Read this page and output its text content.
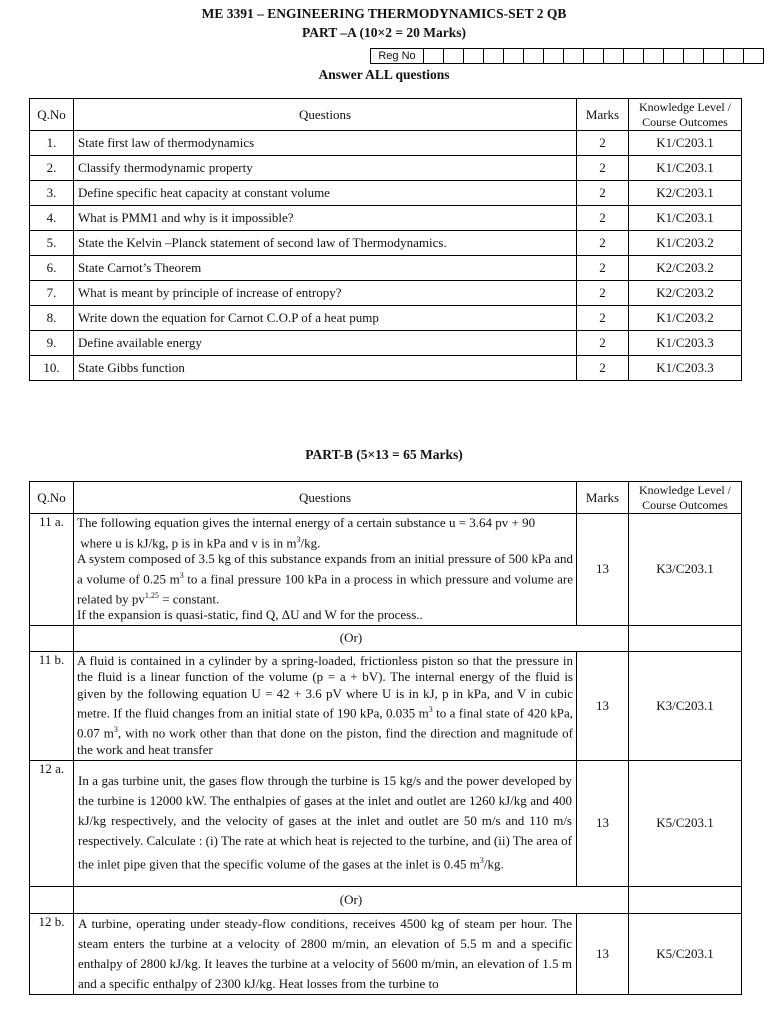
ME 3391 – ENGINEERING THERMODYNAMICS-SET 2 QB
PART –A (10×2 = 20 Marks)
Reg No																	
Answer ALL questions
Q.No	Questions	Marks	Knowledge Level /
Course Outcomes
1.	State first law of thermodynamics	2	K1/C203.1
2.	Classify thermodynamic property	2	K1/C203.1
3.	Define specific heat capacity at constant volume	2	K2/C203.1
4.	What is PMM1 and why is it impossible?	2	K1/C203.1
5.	State the Kelvin –Planck statement of second law of Thermodynamics.	2	K1/C203.2
6.	State Carnot’s Theorem	2	K2/C203.2
7.	What is meant by principle of increase of entropy?	2	K2/C203.2
8.	Write down the equation for Carnot C.O.P of a heat pump	2	K1/C203.2
9.	Define available energy	2	K1/C203.3
10.	State Gibbs function	2	K1/C203.3
PART-B (5×13 = 65 Marks)
Q.No	Questions	Marks	Knowledge Level /
Course Outcomes
11 a.	The following equation gives the internal energy of a certain substance u = 3.64 pv + 90
where u is kJ/kg, p is in kPa and v is in $m^3/kg$.
A system composed of 3.5 kg of this substance expands from an initial pressure of 500 kPa and a volume of 0.25 $m^3$ to a final pressure 100 kPa in a process in which pressure and volume are related by $pv^{1.25}$ = constant.
If the expansion is quasi-static, find Q, ΔU and W for the process..	13	K3/C203.1
	(Or)		
11 b.	A fluid is contained in a cylinder by a spring-loaded, frictionless piston so that the pressure in the fluid is a linear function of the volume (p = a + bV). The internal energy of the fluid is given by the following equation U = 42 + 3.6 pV where U is in kJ, p in kPa, and V in cubic metre. If the fluid changes from an initial state of 190 kPa, 0.035 $m^3$ to a final state of 420 kPa, 0.07 $m^3$, with no work other than that done on the piston, find the direction and magnitude of the work and heat transfer	13	K3/C203.1
12 a.	In a gas turbine unit, the gases flow through the turbine is 15 kg/s and the power developed by the turbine is 12000 kW. The enthalpies of gases at the inlet and outlet are 1260 kJ/kg and 400 kJ/kg respectively, and the velocity of gases at the inlet and outlet are 50 m/s and 110 m/s respectively. Calculate : (i) The rate at which heat is rejected to the turbine, and (ii) The area of the inlet pipe given that the specific volume of the gases at the inlet is 0.45 $m^3/kg$.	13	K5/C203.1
	(Or)		
12 b.	A turbine, operating under steady-flow conditions, receives 4500 kg of steam per hour. The steam enters the turbine at a velocity of 2800 m/min, an elevation of 5.5 m and a specific enthalpy of 2800 kJ/kg. It leaves the turbine at a velocity of 5600 m/min, an elevation of 1.5 m and a specific enthalpy of 2300 kJ/kg. Heat losses from the turbine to	13	K5/C203.1
